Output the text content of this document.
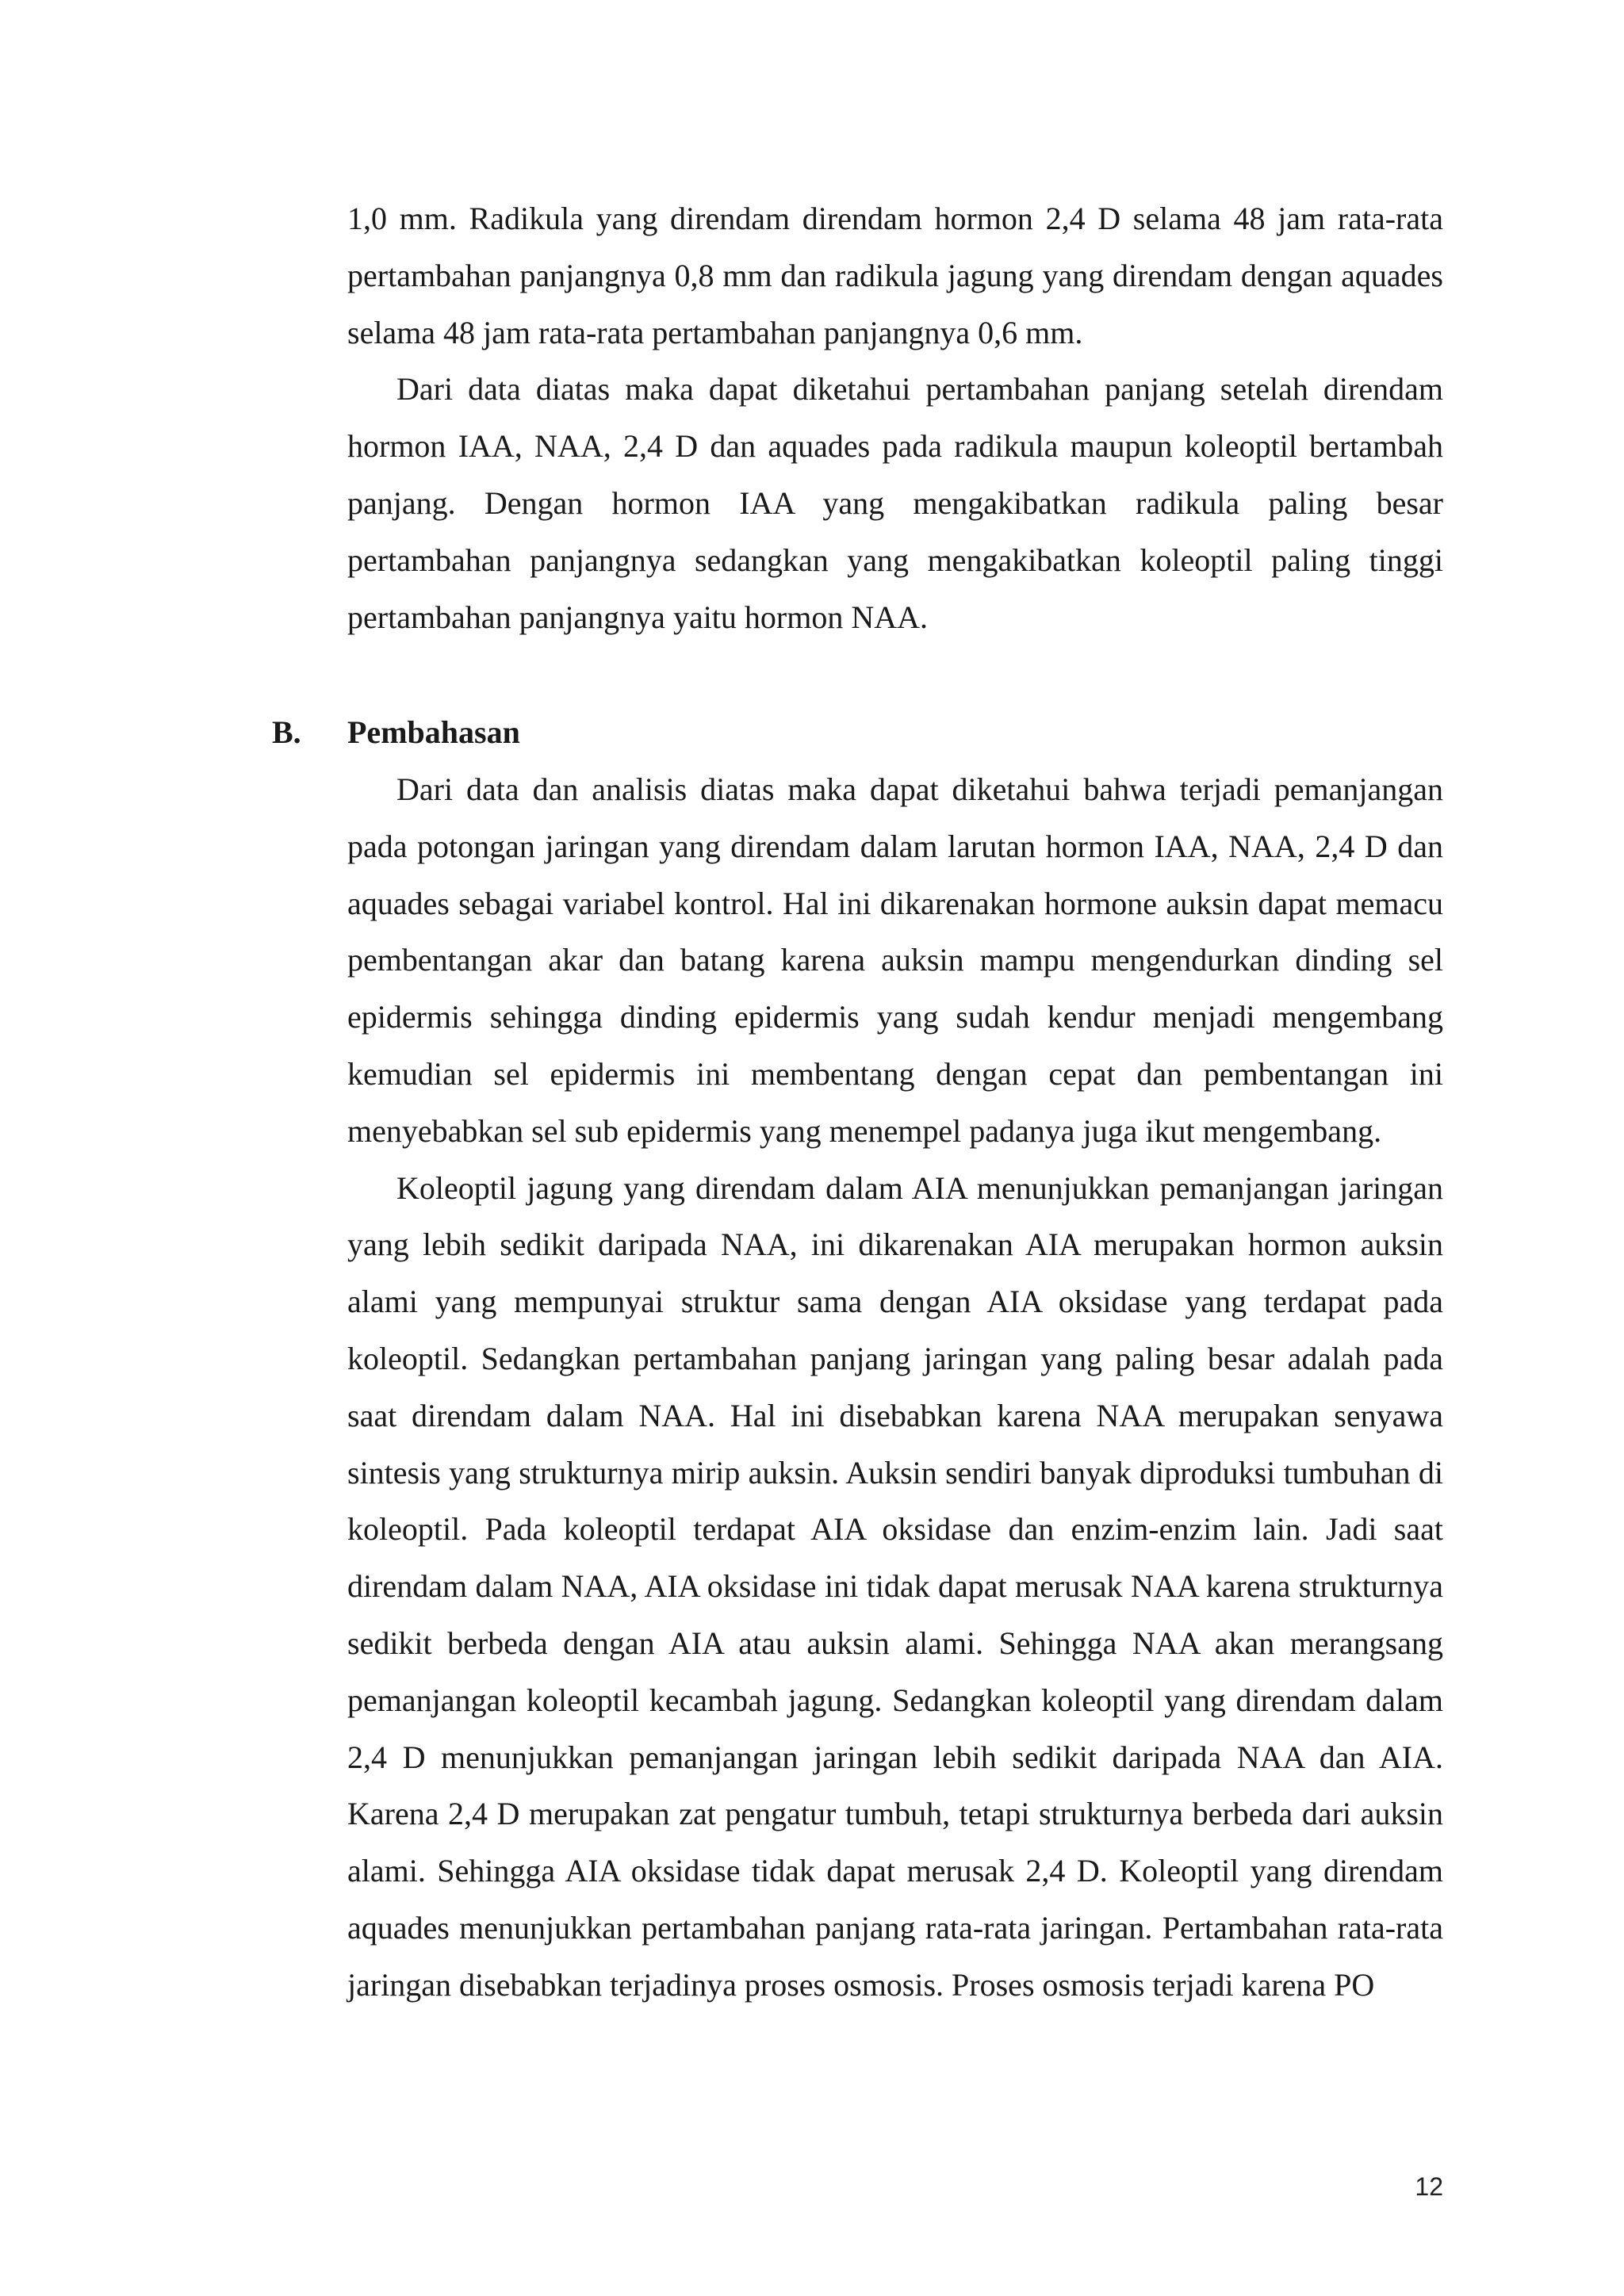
1,0 mm. Radikula yang direndam direndam hormon 2,4 D selama 48 jam rata-rata pertambahan panjangnya 0,8 mm dan radikula jagung yang direndam dengan aquades selama 48 jam rata-rata pertambahan panjangnya 0,6 mm.

Dari data diatas maka dapat diketahui pertambahan panjang setelah direndam hormon IAA, NAA, 2,4 D dan aquades pada radikula maupun koleoptil bertambah panjang. Dengan hormon IAA yang mengakibatkan radikula paling besar pertambahan panjangnya sedangkan yang mengakibatkan koleoptil paling tinggi pertambahan panjangnya yaitu hormon NAA.

B. Pembahasan

Dari data dan analisis diatas maka dapat diketahui bahwa terjadi pemanjangan pada potongan jaringan yang direndam dalam larutan hormon IAA, NAA, 2,4 D dan aquades sebagai variabel kontrol. Hal ini dikarenakan hormone auksin dapat memacu pembentangan akar dan batang karena auksin mampu mengendurkan dinding sel epidermis sehingga dinding epidermis yang sudah kendur menjadi mengembang kemudian sel epidermis ini membentang dengan cepat dan pembentangan ini menyebabkan sel sub epidermis yang menempel padanya juga ikut mengembang.

Koleoptil jagung yang direndam dalam AIA menunjukkan pemanjangan jaringan yang lebih sedikit daripada NAA, ini dikarenakan AIA merupakan hormon auksin alami yang mempunyai struktur sama dengan AIA oksidase yang terdapat pada koleoptil. Sedangkan pertambahan panjang jaringan yang paling besar adalah pada saat direndam dalam NAA. Hal ini disebabkan karena NAA merupakan senyawa sintesis yang strukturnya mirip auksin. Auksin sendiri banyak diproduksi tumbuhan di koleoptil. Pada koleoptil terdapat AIA oksidase dan enzim-enzim lain. Jadi saat direndam dalam NAA, AIA oksidase ini tidak dapat merusak NAA karena strukturnya sedikit berbeda dengan AIA atau auksin alami. Sehingga NAA akan merangsang pemanjangan koleoptil kecambah jagung. Sedangkan koleoptil yang direndam dalam 2,4 D menunjukkan pemanjangan jaringan lebih sedikit daripada NAA dan AIA. Karena 2,4 D merupakan zat pengatur tumbuh, tetapi strukturnya berbeda dari auksin alami. Sehingga AIA oksidase tidak dapat merusak 2,4 D. Koleoptil yang direndam aquades menunjukkan pertambahan panjang rata-rata jaringan. Pertambahan rata-rata jaringan disebabkan terjadinya proses osmosis. Proses osmosis terjadi karena PO

12
